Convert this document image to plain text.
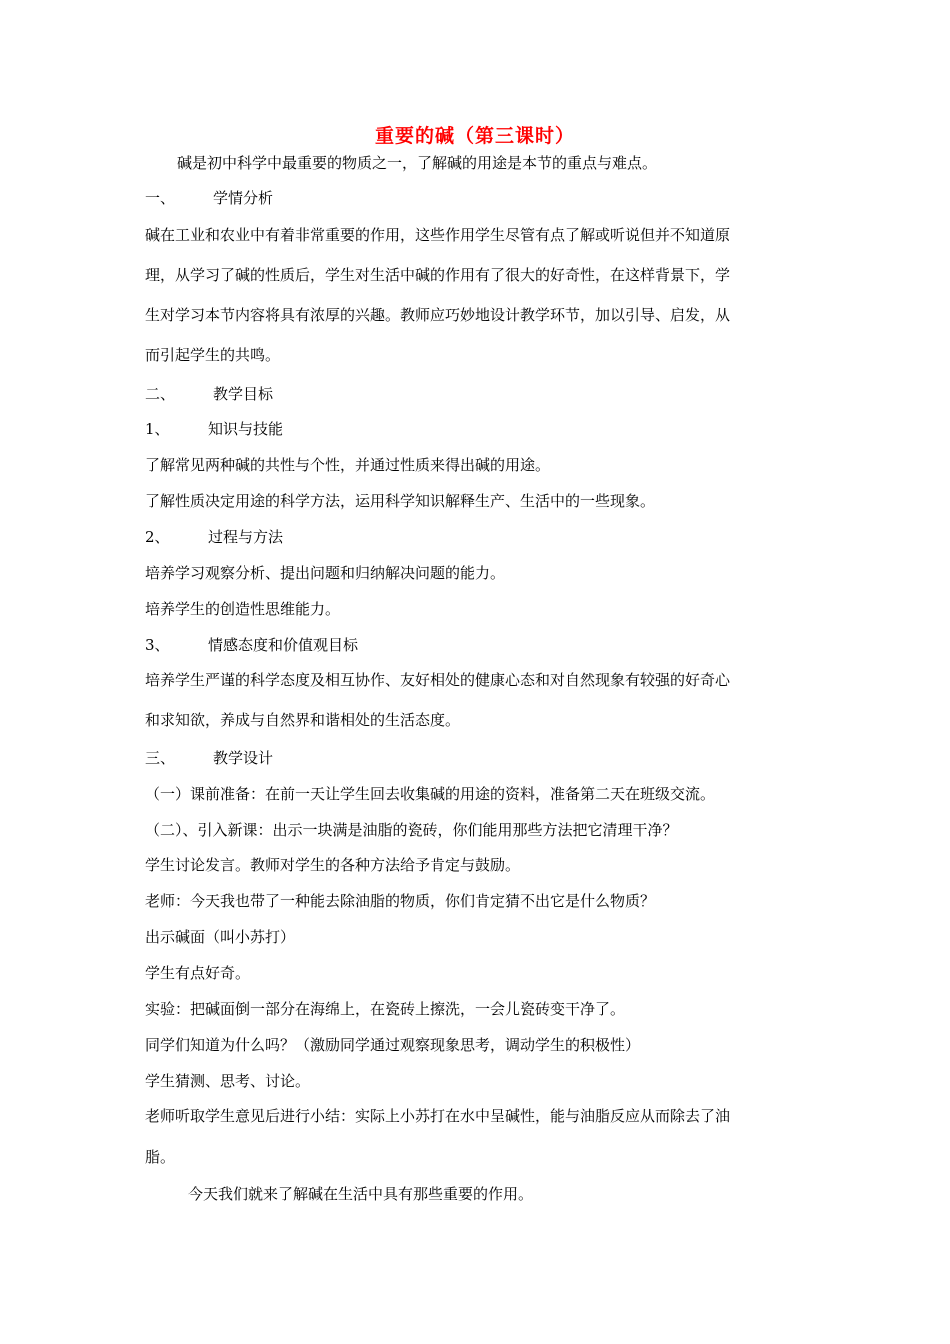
重要的碱（第三课时）
碱是初中科学中最重要的物质之一，了解碱的用途是本节的重点与难点。
一、	学情分析
碱在工业和农业中有着非常重要的作用，这些作用学生尽管有点了解或听说但并不知道原
理，从学习了碱的性质后，学生对生活中碱的作用有了很大的好奇性，在这样背景下，学
生对学习本节内容将具有浓厚的兴趣。教师应巧妙地设计教学环节，加以引导、启发，从
而引起学生的共鸣。
二、	教学目标
1、	知识与技能
了解常见两种碱的共性与个性，并通过性质来得出碱的用途。
了解性质决定用途的科学方法，运用科学知识解释生产、生活中的一些现象。
2、	过程与方法
培养学习观察分析、提出问题和归纳解决问题的能力。
培养学生的创造性思维能力。
3、	情感态度和价值观目标
培养学生严谨的科学态度及相互协作、友好相处的健康心态和对自然现象有较强的好奇心
和求知欲，养成与自然界和谐相处的生活态度。
三、	教学设计
（一）课前准备：在前一天让学生回去收集碱的用途的资料，准备第二天在班级交流。
（二）、引入新课：出示一块满是油脂的瓷砖，你们能用那些方法把它清理干净？
学生讨论发言。教师对学生的各种方法给予肯定与鼓励。
老师：今天我也带了一种能去除油脂的物质，你们肯定猜不出它是什么物质？
出示碱面（叫小苏打）
学生有点好奇。
实验：把碱面倒一部分在海绵上，在瓷砖上擦洗，一会儿瓷砖变干净了。
同学们知道为什么吗？（激励同学通过观察现象思考，调动学生的积极性）
学生猜测、思考、讨论。
老师听取学生意见后进行小结：实际上小苏打在水中呈碱性，能与油脂反应从而除去了油
脂。
今天我们就来了解碱在生活中具有那些重要的作用。
